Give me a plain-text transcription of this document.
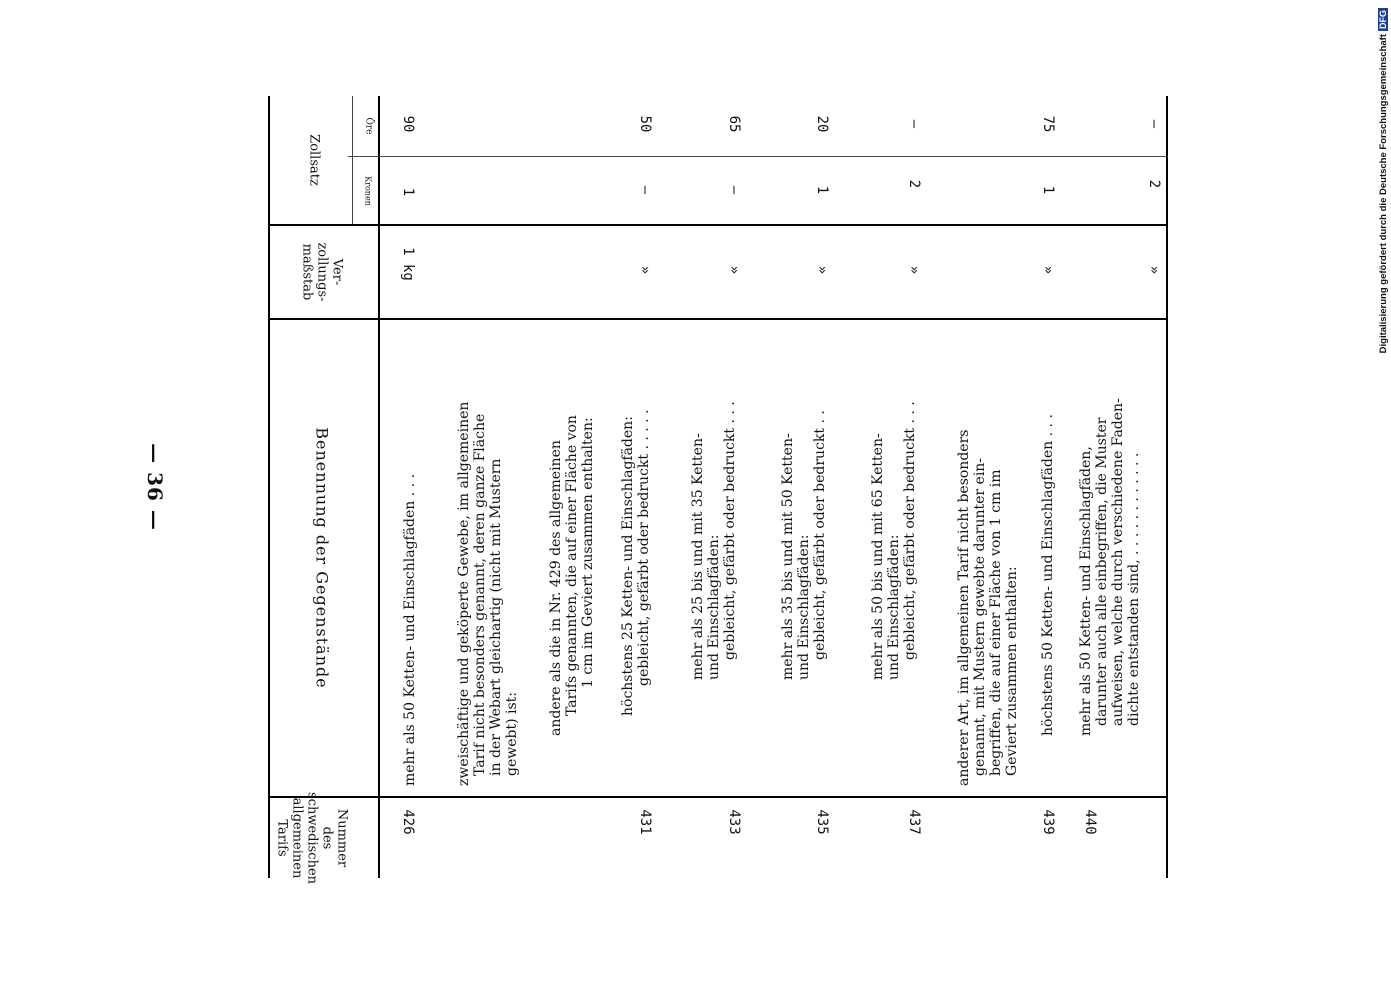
— 36 —
Digitalisierung gefördert durch die Deutsche Forschungsgemeinschaft
DFG
Nummer
des
schwedischen
allgemeinen
Tarifs
Benennung der Gegenstände
Ver-
zollungs-
maßstab
Zollsatz
Kronen
Öre
426
mehr als 50 Ketten- und Einschlagfäden . . .
1 kg
1
90
zweischäftige und geköperte Gewebe, im allgemeinen Tarif nicht besonders genannt, deren ganze Fläche in der Webart gleichartig (nicht mit Mustern gewebt) ist: andere als die in Nr. 429 des allgemeinen Tarifs genannten, die auf einer Fläche von 1 cm im Geviert zusammen enthalten: höchstens 25 Ketten- und Einschlagfäden: gebleicht, gefärbt oder bedruckt . . . . .
431
»
—
50
mehr als 25 bis und mit 35 Ketten- und Einschlagfäden: gebleicht, gefärbt oder bedruckt . . .
433
»
—
65
mehr als 35 bis und mit 50 Ketten- und Einschlagfäden: gebleicht, gefärbt oder bedruckt . .
435
»
1
20
mehr als 50 bis und mit 65 Ketten- und Einschlagfäden: gebleicht, gefärbt oder bedruckt . . .
437
»
2
—
anderer Art, im allgemeinen Tarif nicht besonders genannt, mit Mustern gewebte darunter ein- begriffen, die auf einer Fläche von 1 cm im Geviert zusammen enthalten: höchstens 50 Ketten- und Einschlagfäden . . .
439
»
1
75
mehr als 50 Ketten- und Einschlagfäden, darunter auch alle einbegriffen, die Muster aufweisen, welche durch verschiedene Faden- dichte entstanden sind, . . . . . . . . . . . .
440
»
2
—
